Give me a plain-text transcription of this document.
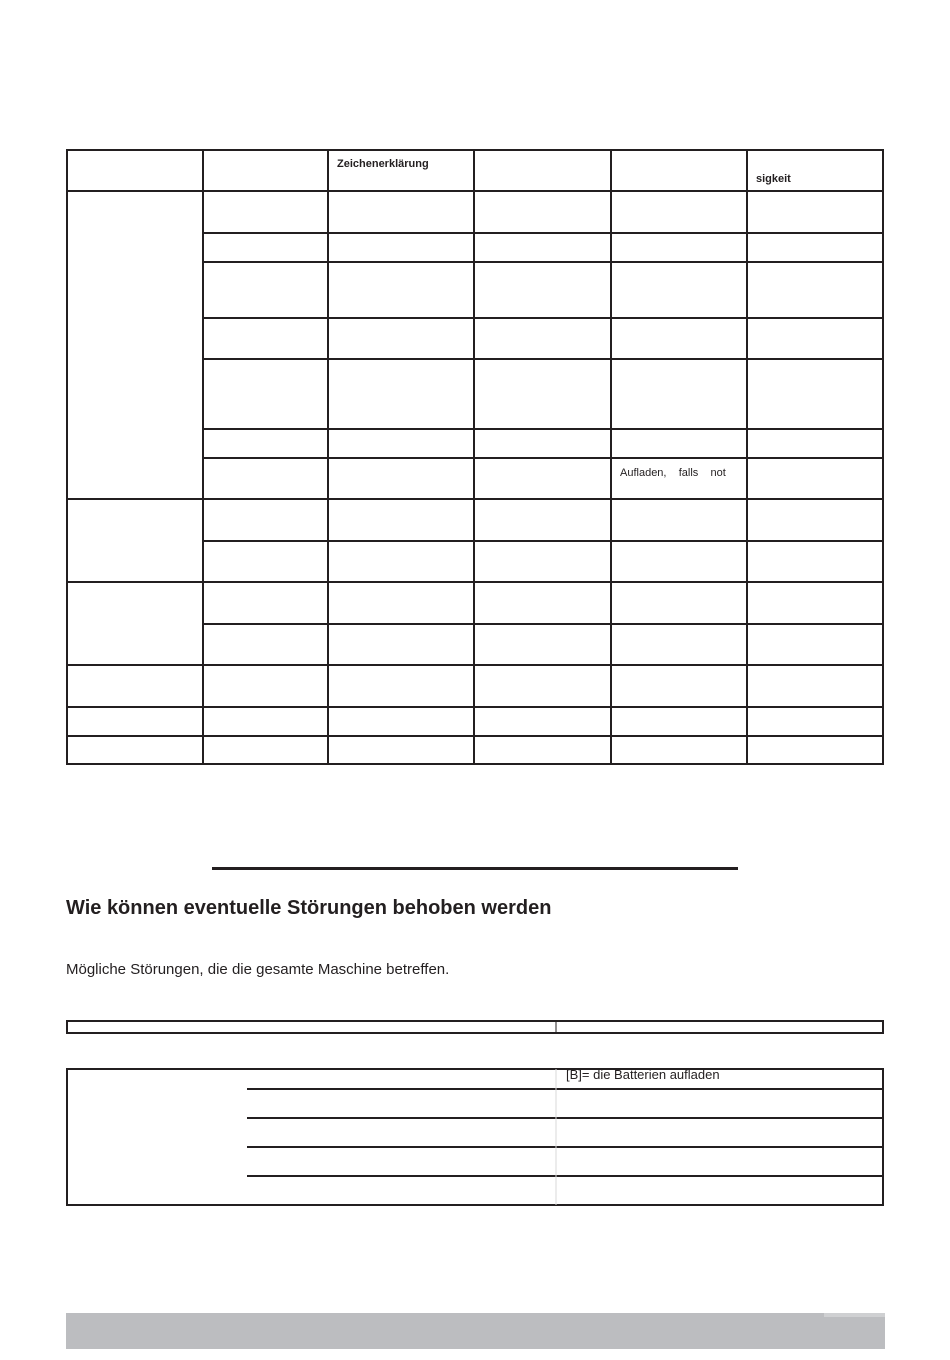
Zeichenerklärung
sigkeit
Aufladen,    falls    not
Wie können eventuelle Störungen behoben werden
Mögliche Störungen, die die gesamte Maschine betreffen.
[B]= die Batterien aufladen
